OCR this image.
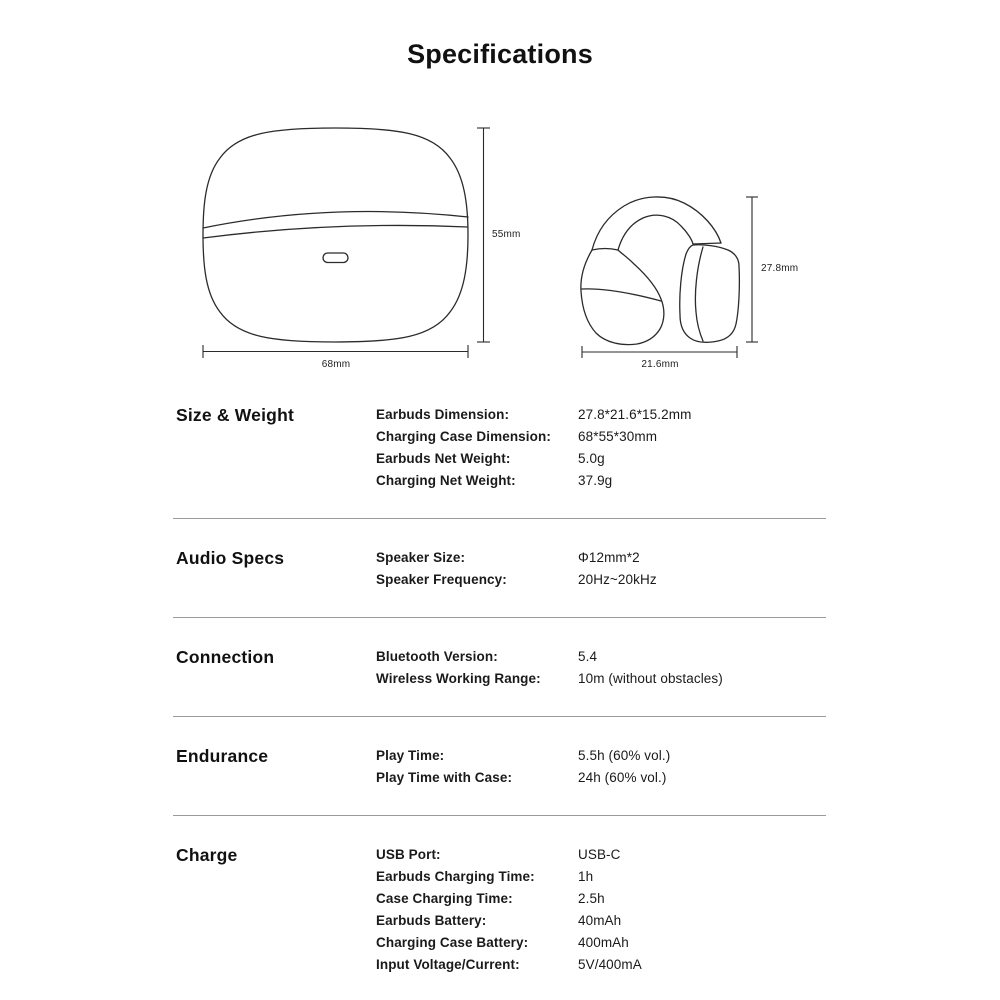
Specifications
55mm
68mm
27.8mm
21.6mm
Size & Weight	Earbuds Dimension:	27.8*21.6*15.2mm
Charging Case Dimension:	68*55*30mm
Earbuds Net Weight:	5.0g
Charging Net Weight:	37.9g
Audio Specs	Speaker Size:	Φ12mm*2
Speaker Frequency:	20Hz~20kHz
Connection	Bluetooth Version:	5.4
Wireless Working Range:	10m (without obstacles)
Endurance	Play Time:	5.5h (60% vol.)
Play Time with Case:	24h (60% vol.)
Charge	USB Port:	USB-C
Earbuds Charging Time:	1h
Case Charging Time:	2.5h
Earbuds Battery:	40mAh
Charging Case Battery:	400mAh
Input Voltage/Current:	5V/400mA
